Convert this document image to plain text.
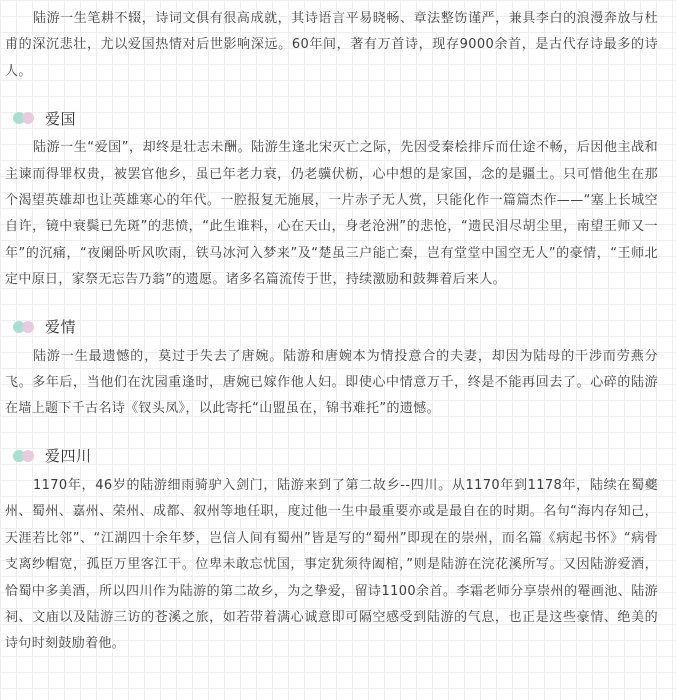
陆游一生笔耕不辍，诗词文俱有很高成就，其诗语言平易晓畅、章法整饬谨严，兼具李白的浪漫奔放与杜甫的深沉悲壮，尤以爱国热情对后世影响深远。60年间，著有万首诗，现存9000余首，是古代存诗最多的诗人。

爱国

陆游一生“爱国”，却终是壮志未酬。陆游生逢北宋灭亡之际，先因受秦桧排斥而仕途不畅，后因他主战和主谏而得罪权贵，被罢官他乡，虽已年老力衰，仍老骥伏枥，心中想的是家国，念的是疆土。只可惜他生在那个渴望英雄却也让英雄寒心的年代。一腔报复无施展，一片赤子无人赏，只能化作一篇篇杰作——“塞上长城空自许，镜中衰鬓已先斑”的悲愤，“此生谁料，心在天山，身老沧洲”的悲怆，“遗民泪尽胡尘里，南望王师又一年”的沉痛，“夜阑卧听风吹雨，铁马冰河入梦来”及“楚虽三户能亡秦，岂有堂堂中国空无人”的豪情，“王师北定中原日，家祭无忘告乃翁”的遗愿。诸多名篇流传于世，持续激励和鼓舞着后来人。

爱情

陆游一生最遗憾的，莫过于失去了唐婉。陆游和唐婉本为情投意合的夫妻，却因为陆母的干涉而劳燕分飞。多年后，当他们在沈园重逢时，唐婉已嫁作他人妇。即使心中情意万千，终是不能再回去了。心碎的陆游在墙上题下千古名诗《钗头凤》，以此寄托“山盟虽在，锦书难托”的遗憾。

爱四川

1170年，46岁的陆游细雨骑驴入剑门，陆游来到了第二故乡--四川。从1170年到1178年，陆续在蜀夔州、蜀州、嘉州、荣州、成都、叙州等地任职，度过他一生中最重要亦或是最自在的时期。名句“海内存知己，天涯若比邻”、“江湖四十余年梦，岂信人间有蜀州”皆是写的“蜀州”即现在的崇州，而名篇《病起书怀》“病骨支离纱帽宽，孤臣万里客江干。位卑未敢忘忧国，事定犹须待阖棺，”则是陆游在浣花溪所写。又因陆游爱酒，恰蜀中多美酒，所以四川作为陆游的第二故乡，为之挚爱，留诗1100余首。李霜老师分享崇州的罨画池、陆游祠、文庙以及陆游三访的苍溪之旅，如若带着满心诚意即可隔空感受到陆游的气息，也正是这些豪情、绝美的诗句时刻鼓励着他。
